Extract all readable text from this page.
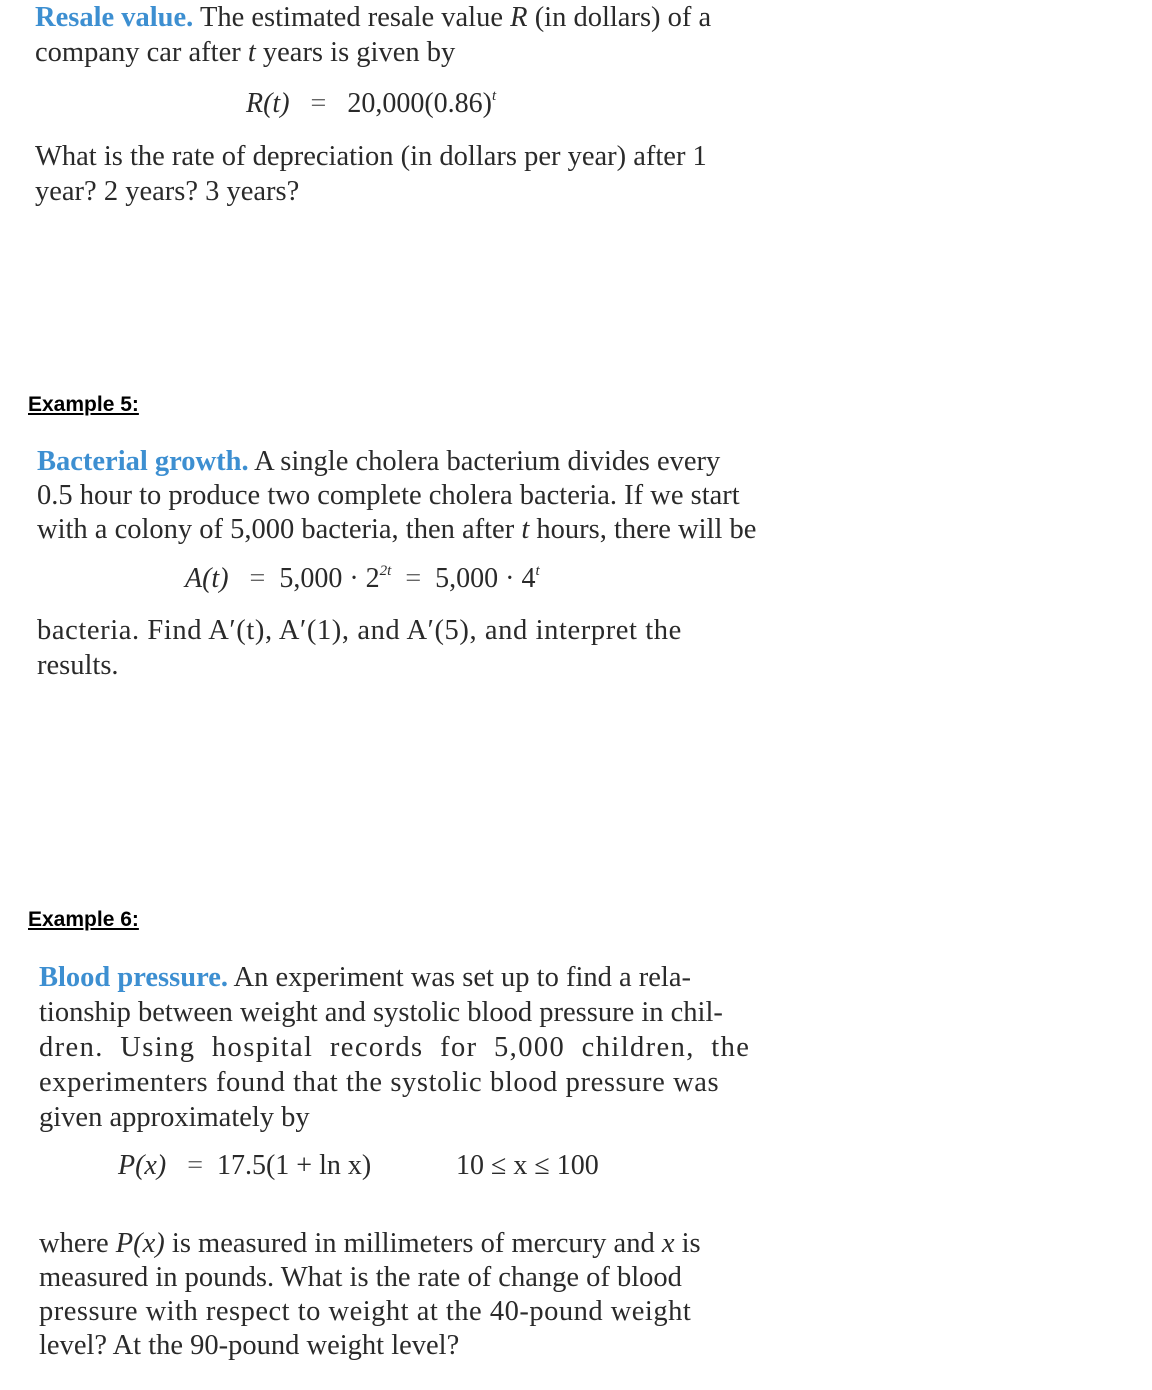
Resale value. The estimated resale value R (in dollars) of a
company car after t years is given by
$R(t) = 20,000(0.86)^t$
What is the rate of depreciation (in dollars per year) after 1
year? 2 years? 3 years?
Example 5:
Bacterial growth. A single cholera bacterium divides every
0.5 hour to produce two complete cholera bacteria. If we start
with a colony of 5,000 bacteria, then after t hours, there will be
$A(t) = 5,000 \cdot 2^{2t} = 5,000 \cdot 4^t$
bacteria. Find A′(t), A′(1), and A′(5), and interpret the
results.
Example 6:
Blood pressure. An experiment was set up to find a rela-
tionship between weight and systolic blood pressure in chil-
dren. Using hospital records for 5,000 children, the
experimenters found that the systolic blood pressure was
given approximately by
P(x) = 17.5(1 + ln x)	10 ≤ x ≤ 100
where P(x) is measured in millimeters of mercury and x is
measured in pounds. What is the rate of change of blood
pressure with respect to weight at the 40-pound weight
level? At the 90-pound weight level?
